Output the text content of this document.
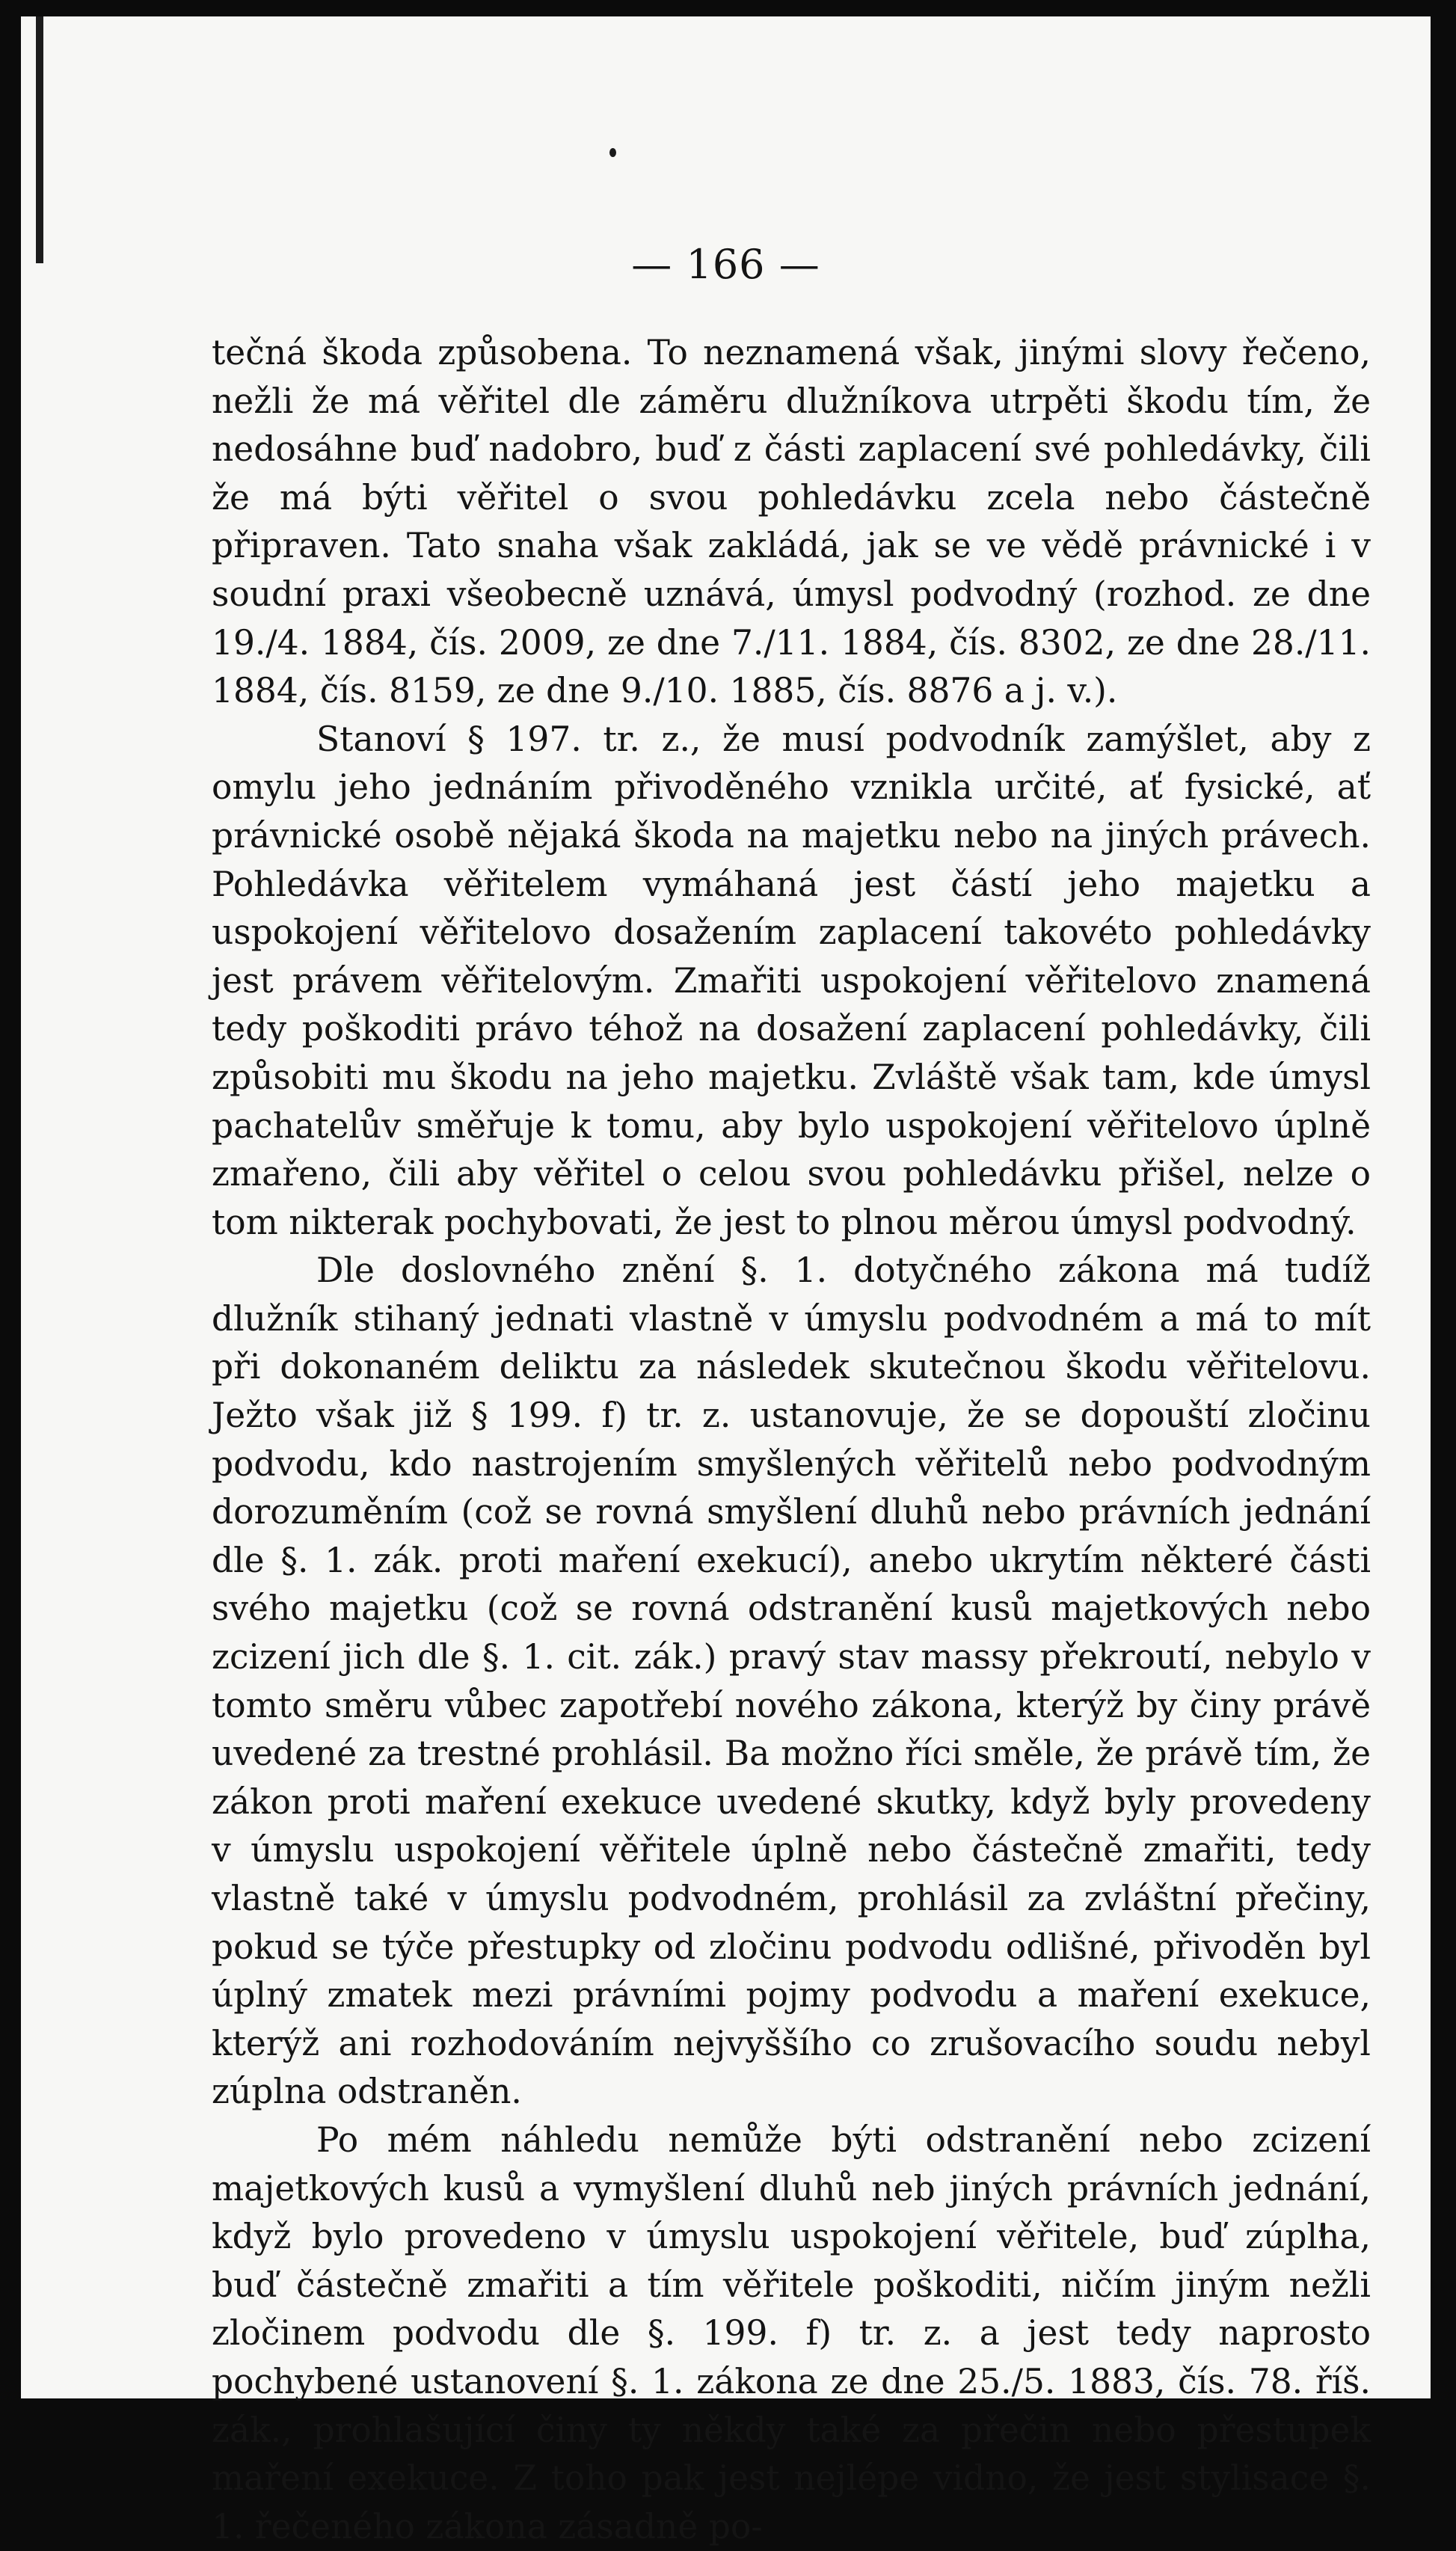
— 166 —

tečná škoda způsobena. To neznamená však, jinými slovy řečeno, nežli že má věřitel dle záměru dlužníkova utrpěti škodu tím, že nedosáhne buď nadobro, buď z části zaplacení své pohledávky, čili že má býti věřitel o svou pohledávku zcela nebo částečně připraven. Tato snaha však zakládá, jak se ve vědě právnické i v soudní praxi všeobecně uznává, úmysl podvodný (rozhod. ze dne 19./4. 1884, čís. 2009, ze dne 7./11. 1884, čís. 8302, ze dne 28./11. 1884, čís. 8159, ze dne 9./10. 1885, čís. 8876 a j. v.).

Stanoví § 197. tr. z., že musí podvodník zamýšlet, aby z omylu jeho jednáním přivoděného vznikla určité, ať fysické, ať právnické osobě nějaká škoda na majetku nebo na jiných právech. Pohledávka věřitelem vymáhaná jest částí jeho majetku a uspokojení věřitelovo dosažením zaplacení takovéto pohledávky jest právem věřitelovým. Zmařiti uspokojení věřitelovo znamená tedy poškoditi právo téhož na dosažení zaplacení pohledávky, čili způsobiti mu škodu na jeho majetku. Zvláště však tam, kde úmysl pachatelův směřuje k tomu, aby bylo uspokojení věřitelovo úplně zmařeno, čili aby věřitel o celou svou pohledávku přišel, nelze o tom nikterak pochybovati, že jest to plnou měrou úmysl podvodný.

Dle doslovného znění §. 1. dotyčného zákona má tudíž dlužník stihaný jednati vlastně v úmyslu podvodném a má to mít při dokonaném deliktu za následek skutečnou škodu věřitelovu. Ježto však již § 199. f) tr. z. ustanovuje, že se dopouští zločinu podvodu, kdo nastrojením smyšlených věřitelů nebo podvodným dorozuměním (což se rovná smyšlení dluhů nebo právních jednání dle §. 1. zák. proti maření exekucí), anebo ukrytím některé části svého majetku (což se rovná odstranění kusů majetkových nebo zcizení jich dle §. 1. cit. zák.) pravý stav massy překroutí, nebylo v tomto směru vůbec zapotřebí nového zákona, kterýž by činy právě uvedené za trestné prohlásil. Ba možno říci směle, že právě tím, že zákon proti maření exekuce uvedené skutky, když byly provedeny v úmyslu uspokojení věřitele úplně nebo částečně zmařiti, tedy vlastně také v úmyslu podvodném, prohlásil za zvláštní přečiny, pokud se týče přestupky od zločinu podvodu odlišné, přivoděn byl úplný zmatek mezi právními pojmy podvodu a maření exekuce, kterýž ani rozhodováním nejvyššího co zrušovacího soudu nebyl zúplna odstraněn.

Po mém náhledu nemůže býti odstranění nebo zcizení majetkových kusů a vymyšlení dluhů neb jiných právních jednání, když bylo provedeno v úmyslu uspokojení věřitele, buď zúplna, buď částečně zmařiti a tím věřitele poškoditi, ničím jiným nežli zločinem podvodu dle §. 199. f) tr. z. a jest tedy naprosto pochybené ustanovení §. 1. zákona ze dne 25./5. 1883, čís. 78. říš. zák., prohlašující činy ty někdy také za přečin nebo přestupek maření exekuce. Z toho pak jest nejlépe vidno, že jest stylisace §. 1. řečeného zákona zásadně po-
